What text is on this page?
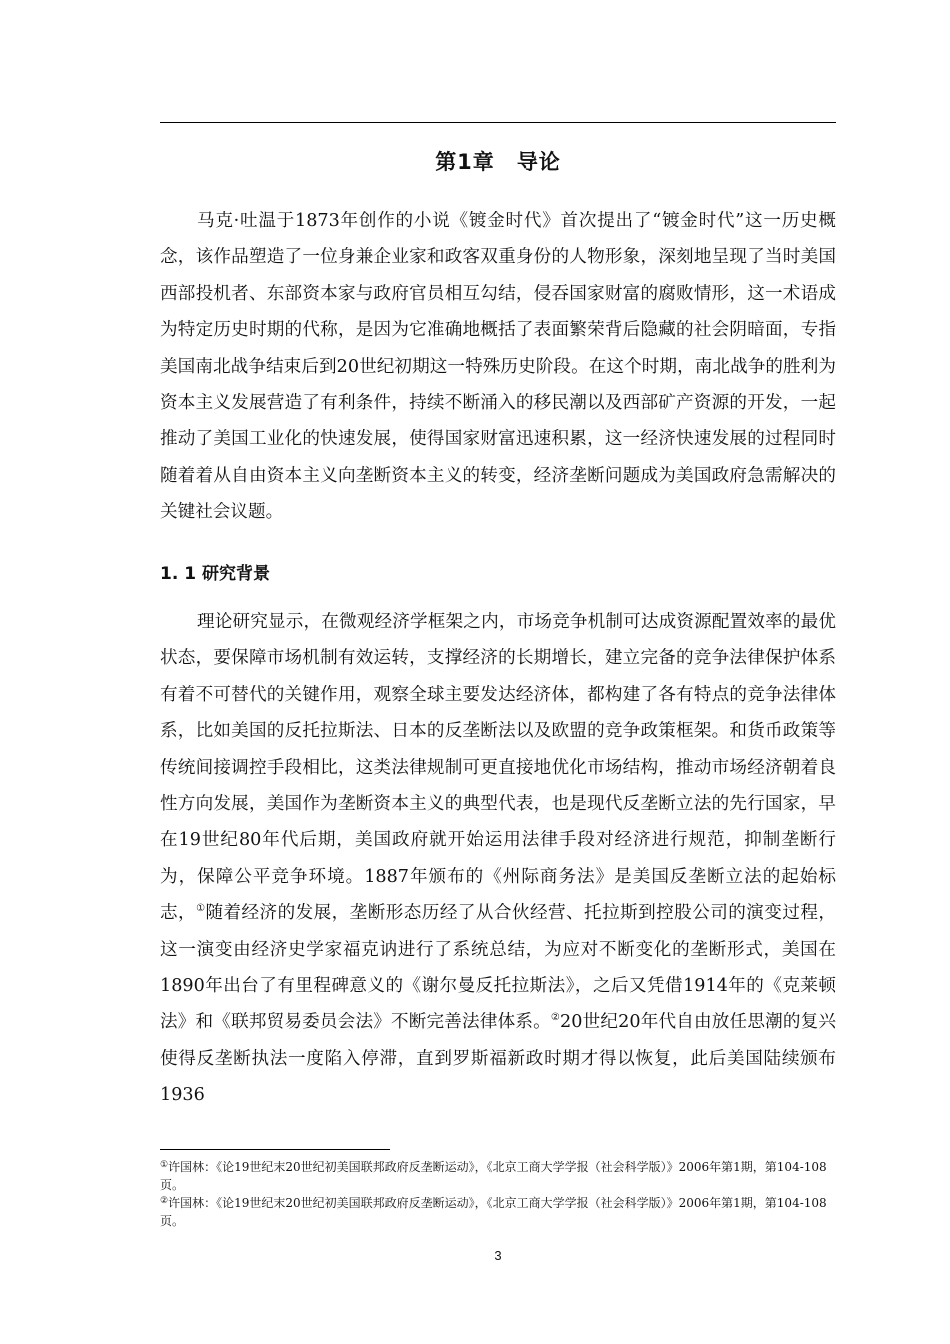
第1章 导论

马克·吐温于1873年创作的小说《镀金时代》首次提出了“镀金时代”这一历史概念，该作品塑造了一位身兼企业家和政客双重身份的人物形象，深刻地呈现了当时美国西部投机者、东部资本家与政府官员相互勾结，侵吞国家财富的腐败情形，这一术语成为特定历史时期的代称，是因为它准确地概括了表面繁荣背后隐藏的社会阴暗面，专指美国南北战争结束后到20世纪初期这一特殊历史阶段。在这个时期，南北战争的胜利为资本主义发展营造了有利条件，持续不断涌入的移民潮以及西部矿产资源的开发，一起推动了美国工业化的快速发展，使得国家财富迅速积累，这一经济快速发展的过程同时随着着从自由资本主义向垄断资本主义的转变，经济垄断问题成为美国政府急需解决的关键社会议题。

1. 1 研究背景

理论研究显示，在微观经济学框架之内，市场竞争机制可达成资源配置效率的最优状态，要保障市场机制有效运转，支撑经济的长期增长，建立完备的竞争法律保护体系有着不可替代的关键作用，观察全球主要发达经济体，都构建了各有特点的竞争法律体系，比如美国的反托拉斯法、日本的反垄断法以及欧盟的竞争政策框架。和货币政策等传统间接调控手段相比，这类法律规制可更直接地优化市场结构，推动市场经济朝着良性方向发展，美国作为垄断资本主义的典型代表，也是现代反垄断立法的先行国家，早在19世纪80年代后期，美国政府就开始运用法律手段对经济进行规范，抑制垄断行为，保障公平竞争环境。1887年颁布的《州际商务法》是美国反垄断立法的起始标志，①随着经济的发展，垄断形态历经了从合伙经营、托拉斯到控股公司的演变过程，这一演变由经济史学家福克讷进行了系统总结，为应对不断变化的垄断形式，美国在1890年出台了有里程碑意义的《谢尔曼反托拉斯法》，之后又凭借1914年的《克莱顿法》和《联邦贸易委员会法》不断完善法律体系。②20世纪20年代自由放任思潮的复兴使得反垄断执法一度陷入停滞，直到罗斯福新政时期才得以恢复，此后美国陆续颁布1936

①许国林：《论19世纪末20世纪初美国联邦政府反垄断运动》，《北京工商大学学报（社会科学版）》2006年第1期，第104-108页。

②许国林：《论19世纪末20世纪初美国联邦政府反垄断运动》，《北京工商大学学报（社会科学版）》2006年第1期，第104-108页。

3
